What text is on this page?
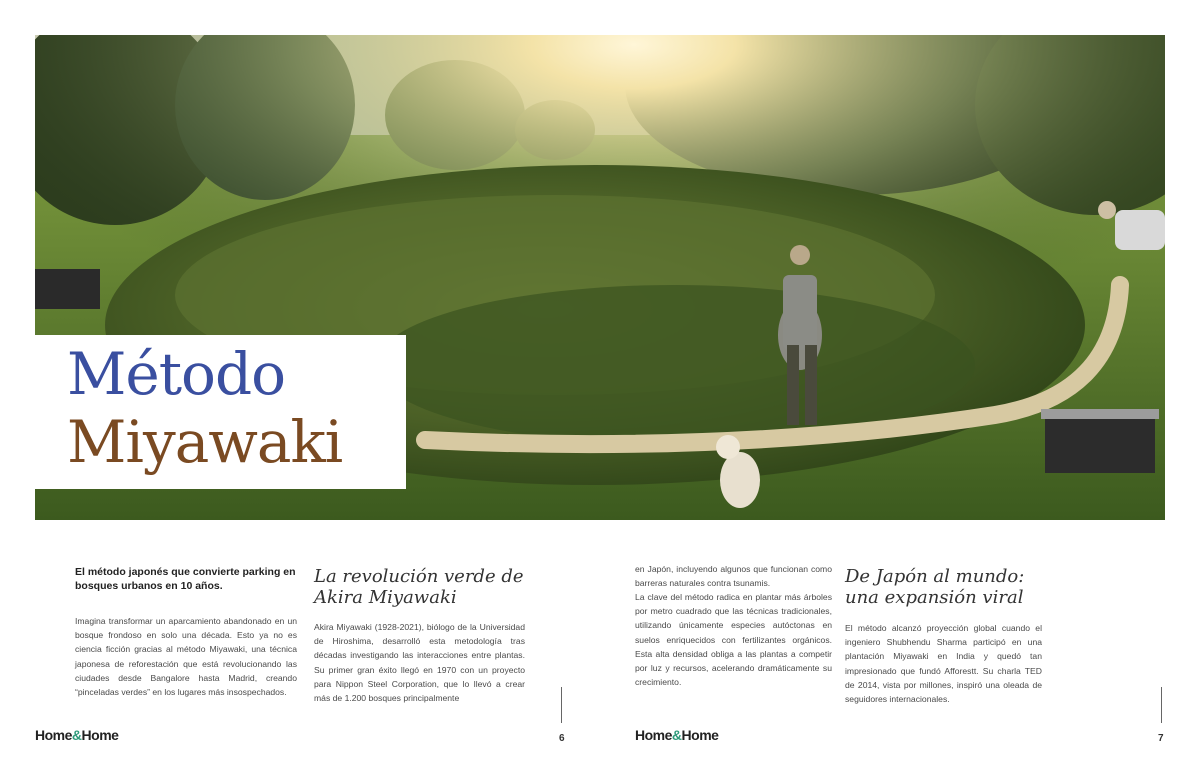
Método
Miyawaki
El método japonés que convierte parking en bosques urbanos en 10 años.
Imagina transformar un aparcamiento abandonado en un bosque frondoso en solo una década. Esto ya no es ciencia ficción gracias al método Miyawaki, una técnica japonesa de reforestación que está revolucionando las ciudades desde Bangalore hasta Madrid, creando “pinceladas verdes” en los lugares más insospechados.
La revolución verde de Akira Miyawaki
Akira Miyawaki (1928-2021), biólogo de la Universidad de Hiroshima, desarrolló esta metodología tras décadas investigando las interacciones entre plantas. Su primer gran éxito llegó en 1970 con un proyecto para Nippon Steel Corporation, que lo llevó a crear más de 1.200 bosques principalmente
en Japón, incluyendo algunos que funcionan como barreras naturales contra tsunamis.
La clave del método radica en plantar más árboles por metro cuadrado que las técnicas tradicionales, utilizando únicamente especies autóctonas en suelos enriquecidos con fertilizantes orgánicos. Esta alta densidad obliga a las plantas a competir por luz y recursos, acelerando dramáticamente su crecimiento.
De Japón al mundo: una expansión viral
El método alcanzó proyección global cuando el ingeniero Shubhendu Sharma participó en una plantación Miyawaki en India y quedó tan impresionado que fundó Afforestt. Su charla TED de 2014, vista por millones, inspiró una oleada de seguidores internacionales.
Home&Home	6	Home&Home	7
